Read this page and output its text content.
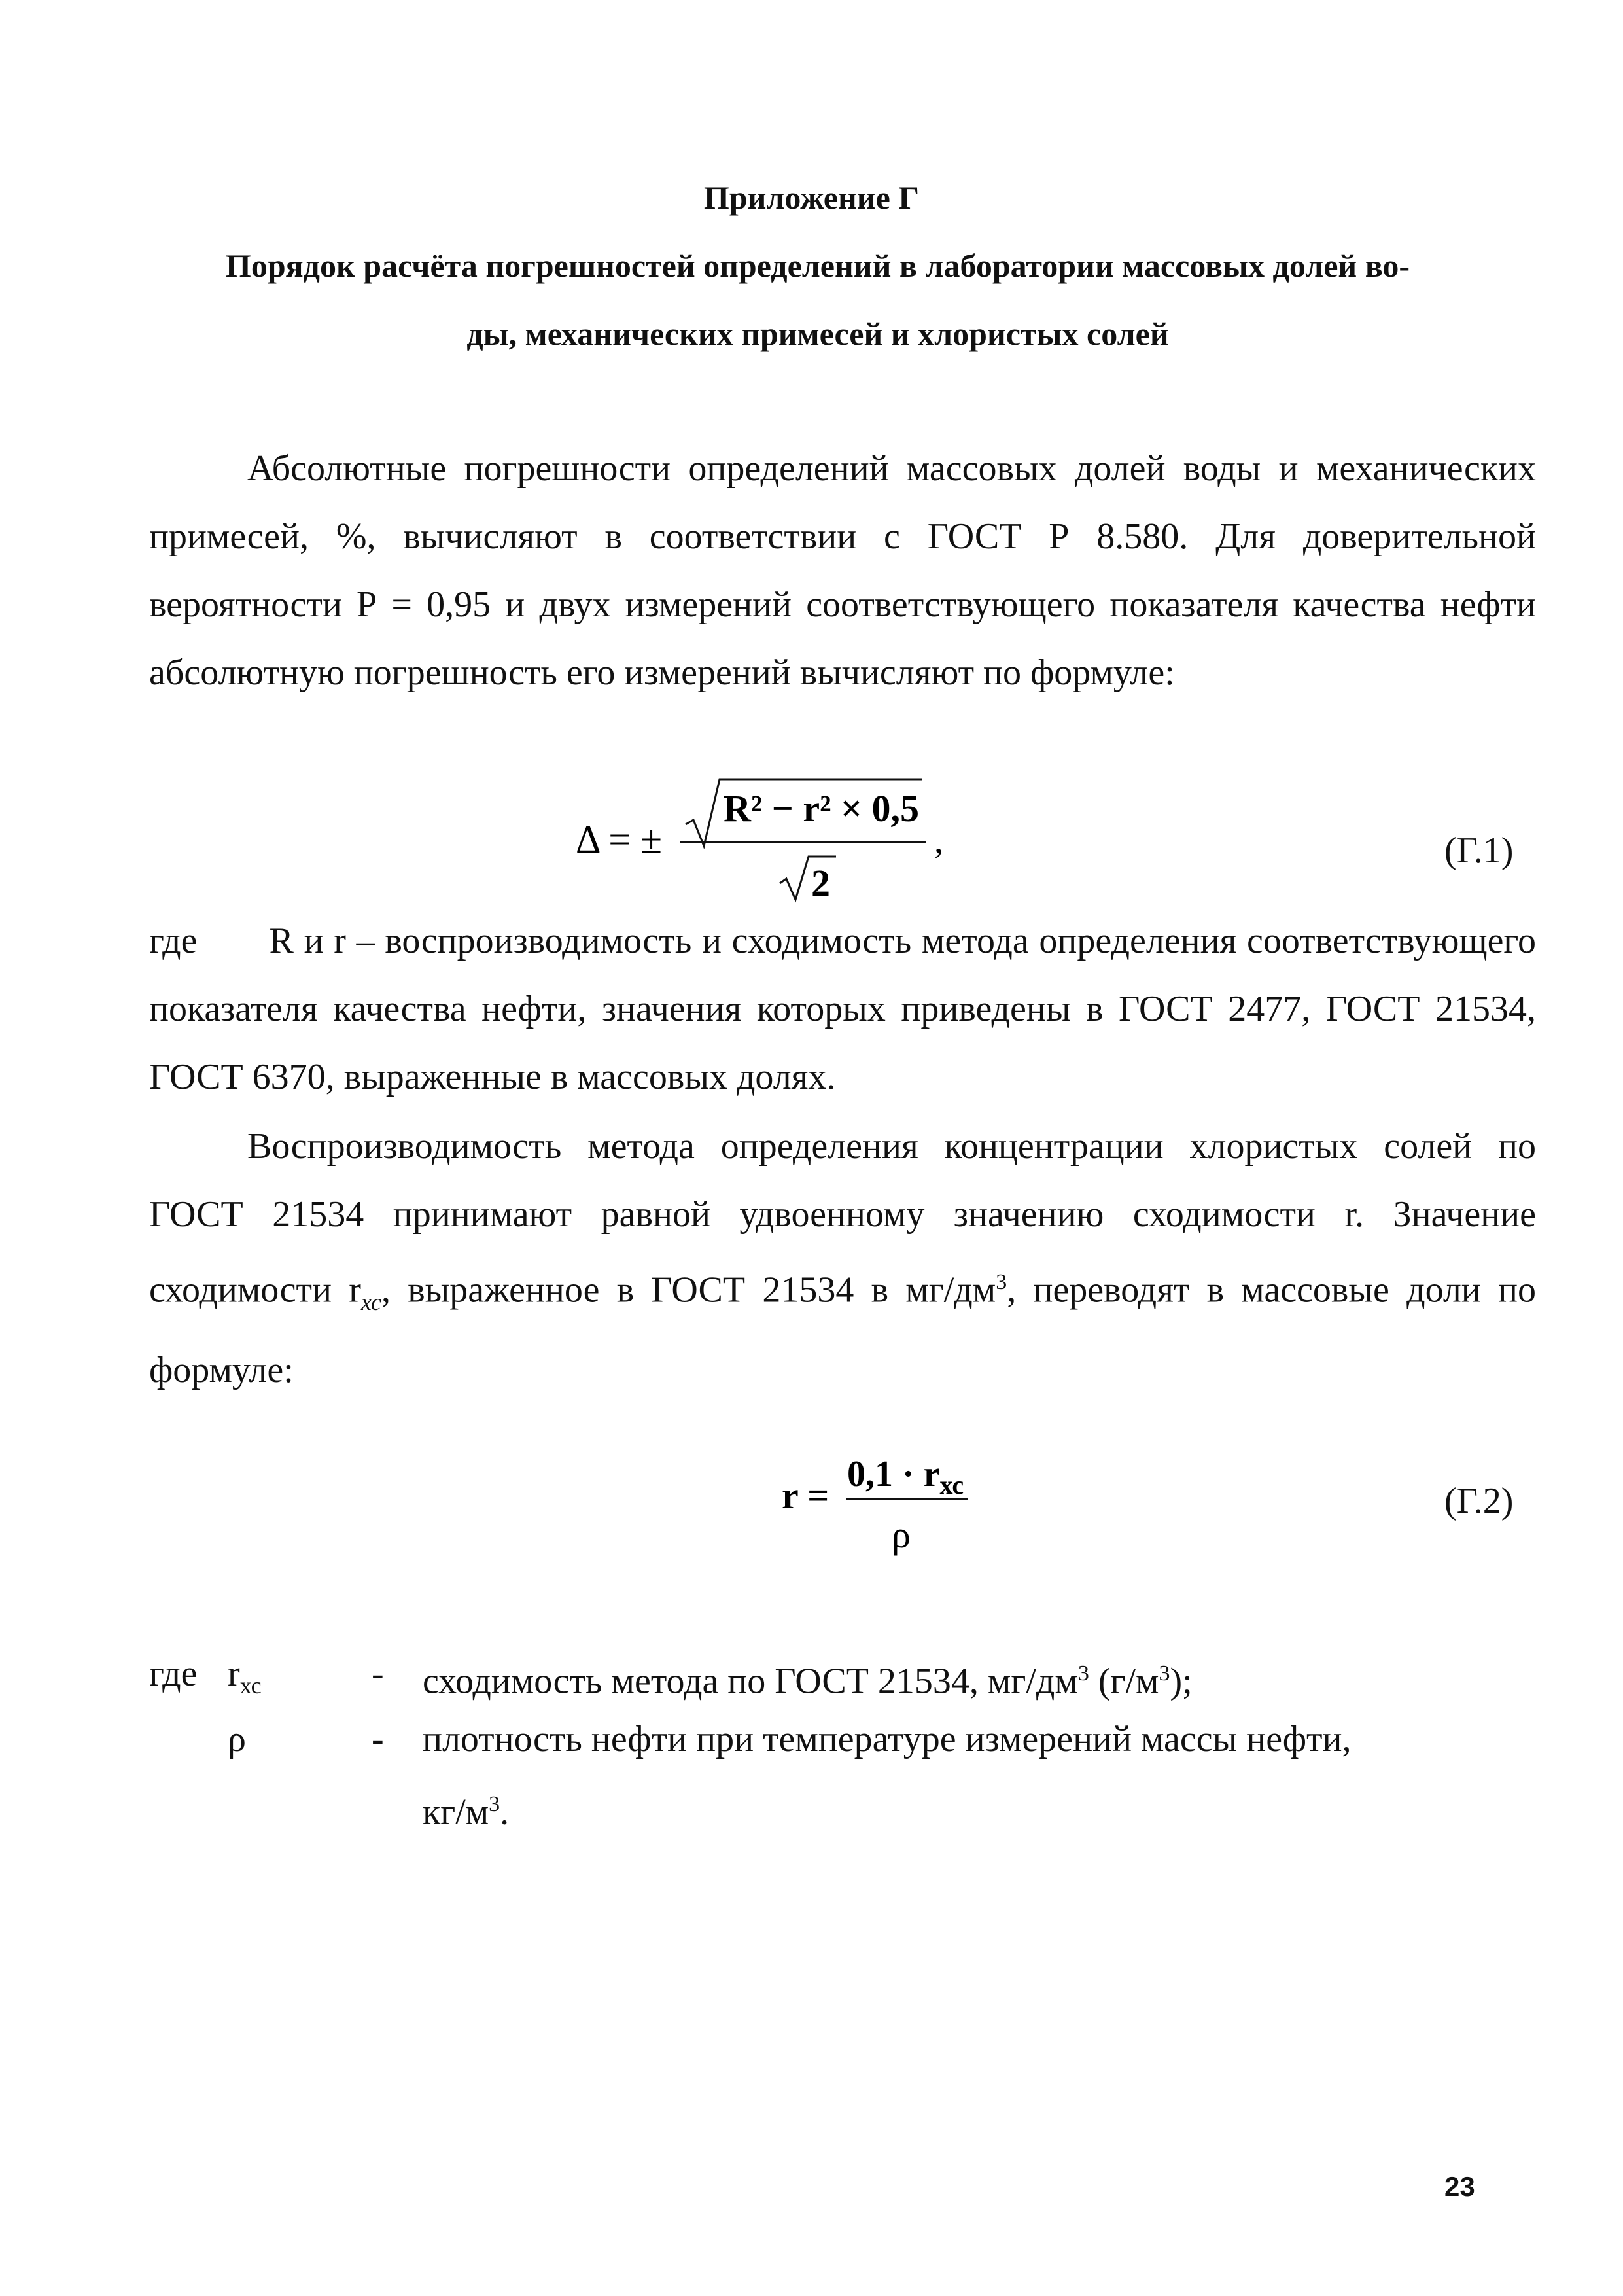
Приложение Г
Порядок расчёта погрешностей определений в лаборатории массовых долей во-
ды, механических примесей и хлористых солей

Абсолютные погрешности определений массовых долей воды и механических примесей, %, вычисляют в соответствии с ГОСТ Р 8.580. Для доверительной вероятности Р = 0,95 и двух измерений соответствующего показателя качества нефти абсолютную погрешность его измерений вычисляют по формуле:

Δ = ±
R² − r² × 0,5
2
,	(Г.1)

где       R и r – воспроизводимость и сходимость метода определения соответствующего показателя качества нефти, значения которых приведены в ГОСТ 2477, ГОСТ 21534, ГОСТ 6370, выраженные в массовых долях.

Воспроизводимость метода определения концентрации хлористых солей по ГОСТ 21534 принимают равной удвоенному значению сходимости r. Значение сходимости $r_{хс}$, выраженное в ГОСТ 21534 в $мг/дм^3$, переводят в массовые доли по формуле:

$r = 0,1 \cdot r_{хс}$
ρ
(Г.2)
где $r_{хс}$	- сходимость метода по ГОСТ 21534, $мг/дм^3$ $(г/м^3)$;
ρ	- плотность нефти при температуре измерений массы нефти,
$кг/м^3$.
23
